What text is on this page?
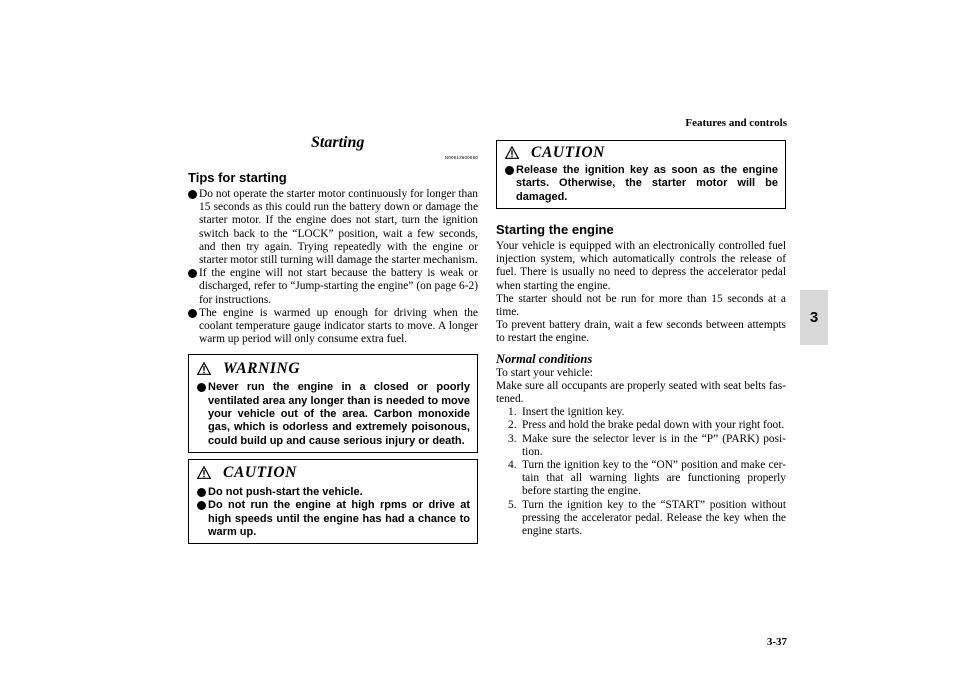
Features and controls
3
3-37
Starting
N00512600590
Tips for starting
Do not operate the starter motor continuously for longer than 15 seconds as this could run the battery down or damage the starter motor. If the engine does not start, turn the ignition switch back to the “LOCK” position, wait a few seconds, and then try again. Trying repeatedly with the engine or starter motor still turning will damage the starter mechanism.
If the engine will not start because the battery is weak or discharged, refer to “Jump-starting the engine” (on page 6-2) for instructions.
The engine is warmed up enough for driving when the coolant temperature gauge indicator starts to move. A longer warm up period will only consume extra fuel.
WARNING
Never run the engine in a closed or poorly ventilated area any longer than is needed to move your vehicle out of the area. Carbon monoxide gas, which is odorless and extremely poisonous, could build up and cause serious injury or death.
CAUTION
Do not push-start the vehicle.
Do not run the engine at high rpms or drive at high speeds until the engine has had a chance to warm up.
CAUTION
Release the ignition key as soon as the engine starts. Otherwise, the starter motor will be damaged.
Starting the engine

Your vehicle is equipped with an electronically controlled fuel injection system, which automatically controls the release of fuel. There is usually no need to depress the accelerator pedal when starting the engine.

The starter should not be run for more than 15 seconds at a time.

To prevent battery drain, wait a few seconds between attempts to restart the engine.

Normal conditions

To start your vehicle:

Make sure all occupants are properly seated with seat belts fas-tened.

1. Insert the ignition key.
2. Press and hold the brake pedal down with your right foot.
3. Make sure the selector lever is in the “P” (PARK) posi-tion.
4. Turn the ignition key to the “ON” position and make cer-tain that all warning lights are functioning properly before starting the engine.
5. Turn the ignition key to the “START” position without pressing the accelerator pedal. Release the key when the engine starts.
